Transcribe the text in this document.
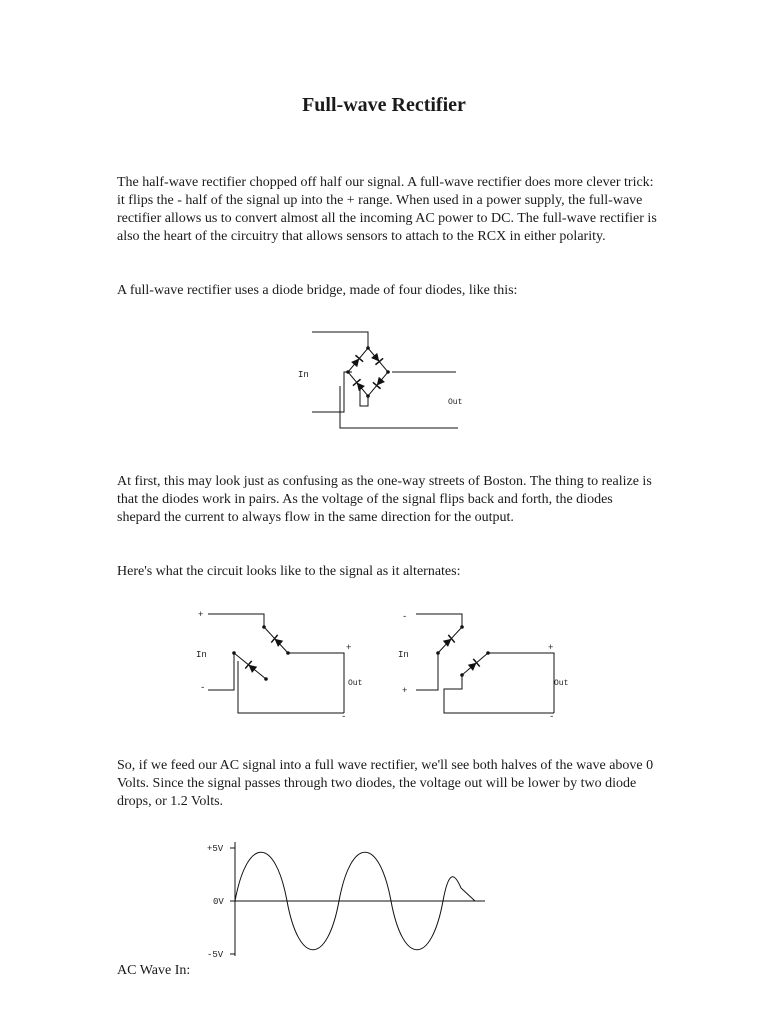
Full-wave Rectifier

The half-wave rectifier chopped off half our signal. A full-wave rectifier does more clever trick: it flips the - half of the signal up into the + range. When used in a power supply, the full-wave rectifier allows us to convert almost all the incoming AC power to DC. The full-wave rectifier is also the heart of the circuitry that allows sensors to attach to the RCX in either polarity.

A full-wave rectifier uses a diode bridge, made of four diodes, like this:

In
Out

At first, this may look just as confusing as the one-way streets of Boston. The thing to realize is that the diodes work in pairs. As the voltage of the signal flips back and forth, the diodes shepard the current to always flow in the same direction for the output.

Here's what the circuit looks like to the signal as it alternates:

+
In
-
+
Out
-
-
In
+
+
Out
-

So, if we feed our AC signal into a full wave rectifier, we'll see both halves of the wave above 0 Volts. Since the signal passes through two diodes, the voltage out will be lower by two diode drops, or 1.2 Volts.

+5V
0V
-5V

AC Wave In:
